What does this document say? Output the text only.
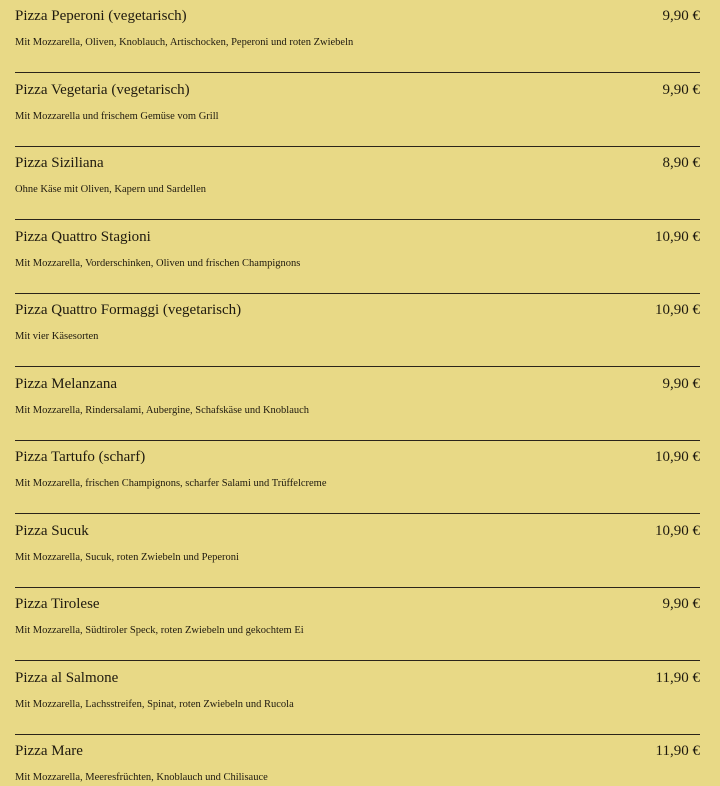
Pizza Peperoni (vegetarisch)	9,90 €
Mit Mozzarella, Oliven, Knoblauch, Artischocken, Peperoni und roten Zwiebeln
Pizza Vegetaria (vegetarisch)	9,90 €
Mit Mozzarella und frischem Gemüse vom Grill
Pizza Siziliana	8,90 €
Ohne Käse mit Oliven, Kapern und Sardellen
Pizza Quattro Stagioni	10,90 €
Mit Mozzarella, Vorderschinken, Oliven und frischen Champignons
Pizza Quattro Formaggi (vegetarisch)	10,90 €
Mit vier Käsesorten
Pizza Melanzana	9,90 €
Mit Mozzarella, Rindersalami, Aubergine, Schafskäse und Knoblauch
Pizza Tartufo (scharf)	10,90 €
Mit Mozzarella, frischen Champignons, scharfer Salami und Trüffelcreme
Pizza Sucuk	10,90 €
Mit Mozzarella, Sucuk, roten Zwiebeln und Peperoni
Pizza Tirolese	9,90 €
Mit Mozzarella, Südtiroler Speck, roten Zwiebeln und gekochtem Ei
Pizza al Salmone	11,90 €
Mit Mozzarella, Lachsstreifen, Spinat, roten Zwiebeln und Rucola
Pizza Mare	11,90 €
Mit Mozzarella, Meeresfrüchten, Knoblauch und Chilisauce
